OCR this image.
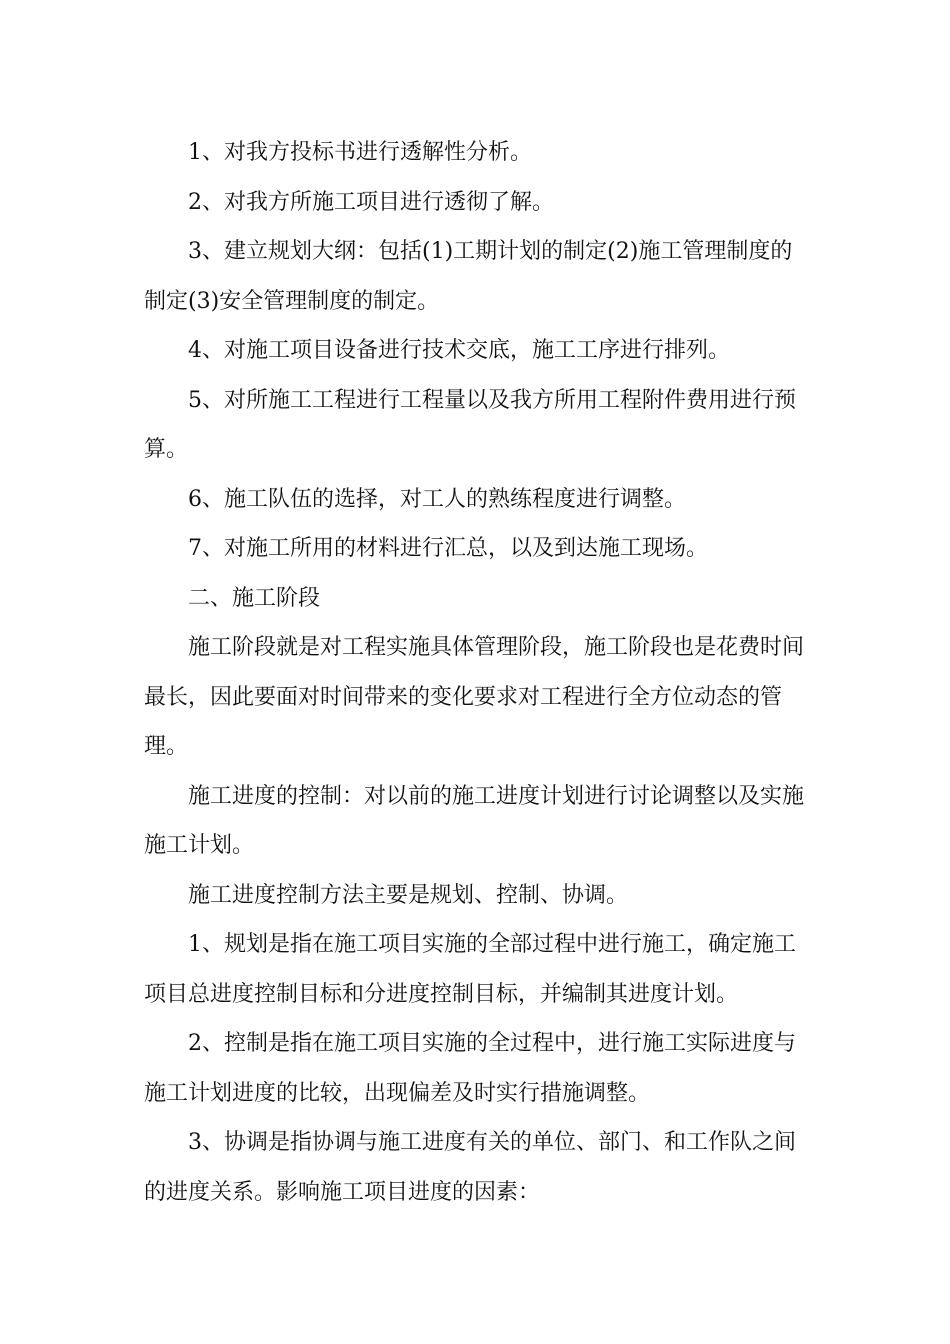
1、对我方投标书进行透解性分析。

2、对我方所施工项目进行透彻了解。

3、建立规划大纲：包括(1)工期计划的制定(2)施工管理制度的制定(3)安全管理制度的制定。

4、对施工项目设备进行技术交底，施工工序进行排列。

5、对所施工工程进行工程量以及我方所用工程附件费用进行预算。

6、施工队伍的选择，对工人的熟练程度进行调整。

7、对施工所用的材料进行汇总，以及到达施工现场。

二、施工阶段

施工阶段就是对工程实施具体管理阶段，施工阶段也是花费时间最长，因此要面对时间带来的变化要求对工程进行全方位动态的管理。

施工进度的控制：对以前的施工进度计划进行讨论调整以及实施施工计划。

施工进度控制方法主要是规划、控制、协调。

1、规划是指在施工项目实施的全部过程中进行施工，确定施工项目总进度控制目标和分进度控制目标，并编制其进度计划。

2、控制是指在施工项目实施的全过程中，进行施工实际进度与施工计划进度的比较，出现偏差及时实行措施调整。

3、协调是指协调与施工进度有关的单位、部门、和工作队之间的进度关系。影响施工项目进度的因素：
